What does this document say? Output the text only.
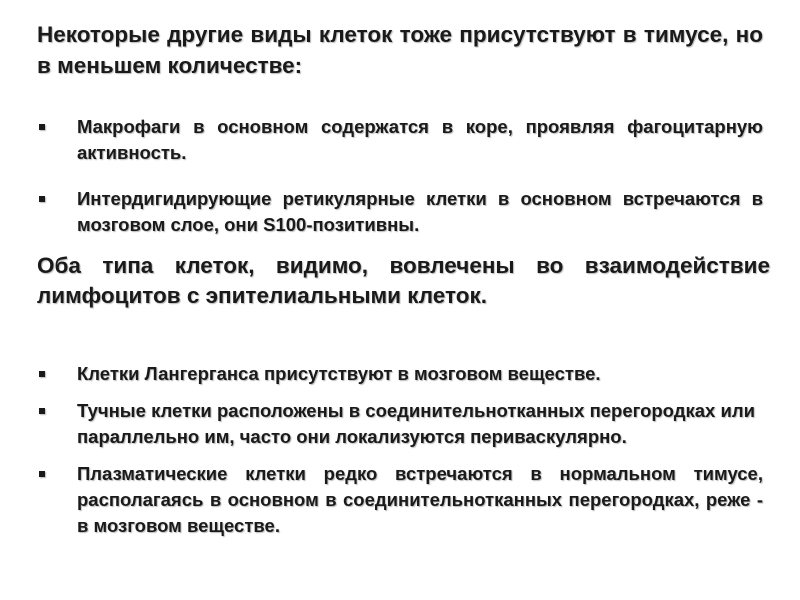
Некоторые другие виды клеток тоже присутствуют в тимусе, но в меньшем количестве:

Макрофаги в основном содержатся в коре, проявляя фагоцитарную активность.
Интердигидирующие ретикулярные клетки в основном встречаются в мозговом слое, они S100-позитивны.

Оба типа клеток, видимо, вовлечены во взаимодействие лимфоцитов с эпителиальными клеток.

Клетки Лангерганса присутствуют в мозговом веществе.
Тучные клетки расположены в соединительнотканных перегородках или параллельно им, часто они локализуются периваскулярно.
Плазматические клетки редко встречаются в нормальном тимусе, располагаясь в основном в соединительнотканных перегородках, реже - в мозговом веществе.
